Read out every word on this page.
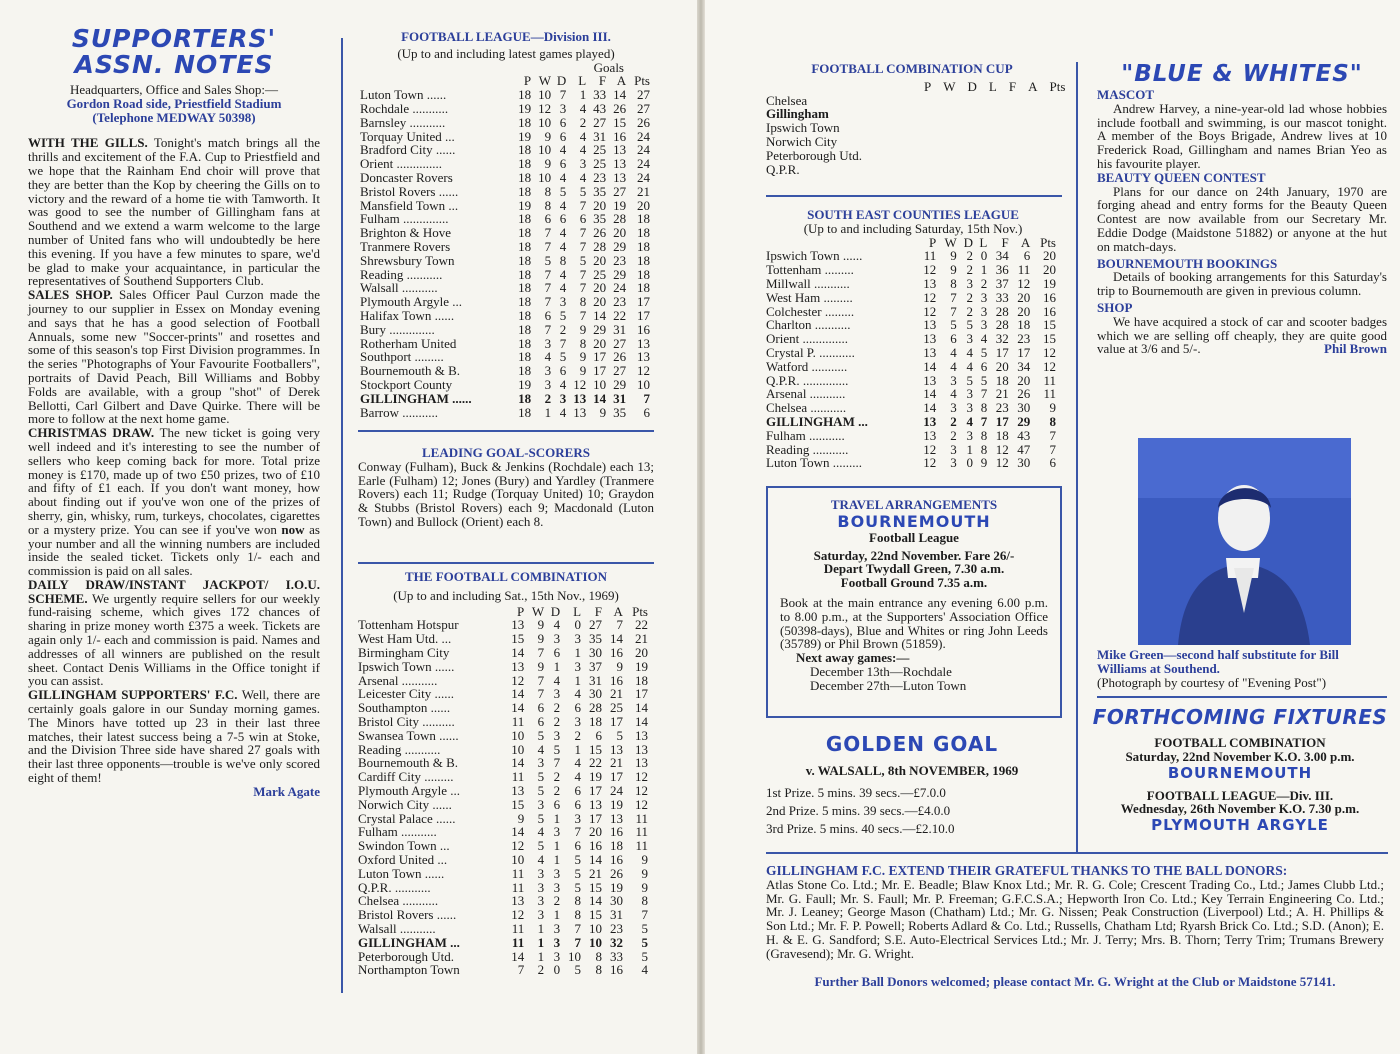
SUPPORTERS'
ASSN. NOTES
Headquarters, Office and Sales Shop:—
Gordon Road side, Priestfield Stadium
(Telephone MEDWAY 50398)

WITH THE GILLS. Tonight's match brings all the thrills and excitement of the F.A. Cup to Priestfield and we hope that the Rainham End choir will prove that they are better than the Kop by cheering the Gills on to victory and the reward of a home tie with Tamworth. It was good to see the number of Gillingham fans at Southend and we extend a warm welcome to the large number of United fans who will undoubtedly be here this evening. If you have a few minutes to spare, we'd be glad to make your acquaintance, in particular the representatives of Southend Supporters Club.

SALES SHOP. Sales Officer Paul Curzon made the journey to our supplier in Essex on Monday evening and says that he has a good selection of Football Annuals, some new "Soccer-prints" and rosettes and some of this season's top First Division programmes. In the series "Photographs of Your Favourite Footballers", portraits of David Peach, Bill Williams and Bobby Folds are available, with a group "shot" of Derek Bellotti, Carl Gilbert and Dave Quirke. There will be more to follow at the next home game.

CHRISTMAS DRAW. The new ticket is going very well indeed and it's interesting to see the number of sellers who keep coming back for more. Total prize money is £170, made up of two £50 prizes, two of £10 and fifty of £1 each. If you don't want money, how about finding out if you've won one of the prizes of sherry, gin, whisky, rum, turkeys, chocolates, cigarettes or a mystery prize. You can see if you've won now as your number and all the winning numbers are included inside the sealed ticket. Tickets only 1/- each and commission is paid on all sales.

DAILY DRAW/INSTANT JACKPOT/ I.O.U. SCHEME. We urgently require sellers for our weekly fund-raising scheme, which gives 172 chances of sharing in prize money worth £375 a week. Tickets are again only 1/- each and commission is paid. Names and addresses of all winners are published on the result sheet. Contact Denis Williams in the Office tonight if you can assist.

GILLINGHAM SUPPORTERS' F.C. Well, there are certainly goals galore in our Sunday morning games. The Minors have totted up 23 in their last three matches, their latest success being a 7-5 win at Stoke, and the Division Three side have shared 27 goals with their last three opponents—trouble is we've only scored eight of them!

Mark Agate
FOOTBALL LEAGUE—Division III.
(Up to and including latest games played)
Goals
	P	W	D	L	F	A	Pts
Luton Town ......	18	10	7	1	33	14	27
Rochdale ...........	19	12	3	4	43	26	27
Barnsley ...........	18	10	6	2	27	15	26
Torquay United ...	19	9	6	4	31	16	24
Bradford City ......	18	10	4	4	25	13	24
Orient ..............	18	9	6	3	25	13	24
Doncaster Rovers	18	10	4	4	23	13	24
Bristol Rovers ......	18	8	5	5	35	27	21
Mansfield Town ...	19	8	4	7	20	19	20
Fulham ..............	18	6	6	6	35	28	18
Brighton & Hove	18	7	4	7	26	20	18
Tranmere Rovers	18	7	4	7	28	29	18
Shrewsbury Town	18	5	8	5	20	23	18
Reading ...........	18	7	4	7	25	29	18
Walsall ...........	18	7	4	7	20	24	18
Plymouth Argyle ...	18	7	3	8	20	23	17
Halifax Town ......	18	6	5	7	14	22	17
Bury ..............	18	7	2	9	29	31	16
Rotherham United	18	3	7	8	20	27	13
Southport .........	18	4	5	9	17	26	13
Bournemouth & B.	18	3	6	9	17	27	12
Stockport County	19	3	4	12	10	29	10
GILLINGHAM ......	18	2	3	13	14	31	7
Barrow ...........	18	1	4	13	9	35	6
LEADING GOAL-SCORERS

Conway (Fulham), Buck & Jenkins (Rochdale) each 13; Earle (Fulham) 12; Jones (Bury) and Yardley (Tranmere Rovers) each 11; Rudge (Torquay United) 10; Graydon & Stubbs (Bristol Rovers) each 9; Macdonald (Luton Town) and Bullock (Orient) each 8.

THE FOOTBALL COMBINATION
(Up to and including Sat., 15th Nov., 1969)
	P	W	D	L	F	A	Pts
Tottenham Hotspur	13	9	4	0	27	7	22
West Ham Utd. ...	15	9	3	3	35	14	21
Birmingham City	14	7	6	1	30	16	20
Ipswich Town ......	13	9	1	3	37	9	19
Arsenal ...........	12	7	4	1	31	16	18
Leicester City ......	14	7	3	4	30	21	17
Southampton ......	14	6	2	6	28	25	14
Bristol City ..........	11	6	2	3	18	17	14
Swansea Town ......	10	5	3	2	6	5	13
Reading ...........	10	4	5	1	15	13	13
Bournemouth & B.	14	3	7	4	22	21	13
Cardiff City .........	11	5	2	4	19	17	12
Plymouth Argyle ...	13	5	2	6	17	24	12
Norwich City ......	15	3	6	6	13	19	12
Crystal Palace ......	9	5	1	3	17	13	11
Fulham ...........	14	4	3	7	20	16	11
Swindon Town ...	12	5	1	6	16	18	11
Oxford United ...	10	4	1	5	14	16	9
Luton Town ......	11	3	3	5	21	26	9
Q.P.R. ...........	11	3	3	5	15	19	9
Chelsea ...........	13	3	2	8	14	30	8
Bristol Rovers ......	12	3	1	8	15	31	7
Walsall ...........	11	1	3	7	10	23	5
GILLINGHAM ...	11	1	3	7	10	32	5
Peterborough Utd.	14	1	3	10	8	33	5
Northampton Town	7	2	0	5	8	16	4
FOOTBALL COMBINATION CUP
P	W	D	L	F	A	Pts
Chelsea
Gillingham
Ipswich Town
Norwich City
Peterborough Utd.
Q.P.R.
SOUTH EAST COUNTIES LEAGUE
(Up to and including Saturday, 15th Nov.)
	P	W	D	L	F	A	Pts
Ipswich Town ......	11	9	2	0	34	6	20
Tottenham .........	12	9	2	1	36	11	20
Millwall ...........	13	8	3	2	37	12	19
West Ham .........	12	7	2	3	33	20	16
Colchester .........	12	7	2	3	28	20	16
Charlton ...........	13	5	5	3	28	18	15
Orient ..............	13	6	3	4	32	23	15
Crystal P. ...........	13	4	4	5	17	17	12
Watford ...........	14	4	4	6	20	34	12
Q.P.R. ..............	13	3	5	5	18	20	11
Arsenal ...........	14	4	3	7	21	26	11
Chelsea ...........	14	3	3	8	23	30	9
GILLINGHAM ...	13	2	4	7	17	29	8
Fulham ...........	13	2	3	8	18	43	7
Reading ...........	12	3	1	8	12	47	7
Luton Town .........	12	3	0	9	12	30	6
TRAVEL ARRANGEMENTS
BOURNEMOUTH
Football League
Saturday, 22nd November. Fare 26/-
Depart Twydall Green, 7.30 a.m.
Football Ground 7.35 a.m.

Book at the main entrance any evening 6.00 p.m. to 8.00 p.m., at the Supporters' Association Office (50398-days), Blue and Whites or ring John Leeds (35789) or Phil Brown (51859).

Next away games:—
December 13th—Rochdale
December 27th—Luton Town
GOLDEN GOAL
v. WALSALL, 8th NOVEMBER, 1969
1st Prize. 5 mins. 39 secs.—£7.0.0
2nd Prize. 5 mins. 39 secs.—£4.0.0
3rd Prize. 5 mins. 40 secs.—£2.10.0
"BLUE & WHITES"
MASCOT

Andrew Harvey, a nine-year-old lad whose hobbies include football and swimming, is our mascot tonight. A member of the Boys Brigade, Andrew lives at 10 Frederick Road, Gillingham and names Brian Yeo as his favourite player.

BEAUTY QUEEN CONTEST

Plans for our dance on 24th January, 1970 are forging ahead and entry forms for the Beauty Queen Contest are now available from our Secretary Mr. Eddie Dodge (Maidstone 51882) or anyone at the hut on match-days.

BOURNEMOUTH BOOKINGS

Details of booking arrangements for this Saturday's trip to Bournemouth are given in previous column.

SHOP

We have acquired a stock of car and scooter badges which we are selling off cheaply, they are quite good value at 3/6 and 5/-.	Phil Brown
Mike Green—second half substitute for Bill Williams at Southend.
(Photograph by courtesy of "Evening Post")
FORTHCOMING FIXTURES
FOOTBALL COMBINATION
Saturday, 22nd November K.O. 3.00 p.m.
BOURNEMOUTH
FOOTBALL LEAGUE—Div. III.
Wednesday, 26th November K.O. 7.30 p.m.
PLYMOUTH ARGYLE
GILLINGHAM F.C. EXTEND THEIR GRATEFUL THANKS TO THE BALL DONORS:

Atlas Stone Co. Ltd.; Mr. E. Beadle; Blaw Knox Ltd.; Mr. R. G. Cole; Crescent Trading Co., Ltd.; James Clubb Ltd.; Mr. G. Faull; Mr. S. Faull; Mr. P. Freeman; G.F.C.S.A.; Hepworth Iron Co. Ltd.; Key Terrain Engineering Co. Ltd.; Mr. J. Leaney; George Mason (Chatham) Ltd.; Mr. G. Nissen; Peak Construction (Liverpool) Ltd.; A. H. Phillips & Son Ltd.; Mr. F. P. Powell; Roberts Adlard & Co. Ltd.; Russells, Chatham Ltd; Ryarsh Brick Co. Ltd.; S.D. (Anon); E. H. & E. G. Sandford; S.E. Auto-Electrical Services Ltd.; Mr. J. Terry; Mrs. B. Thorn; Terry Trim; Trumans Brewery (Gravesend); Mr. G. Wright.

Further Ball Donors welcomed; please contact Mr. G. Wright at the Club or Maidstone 57141.
